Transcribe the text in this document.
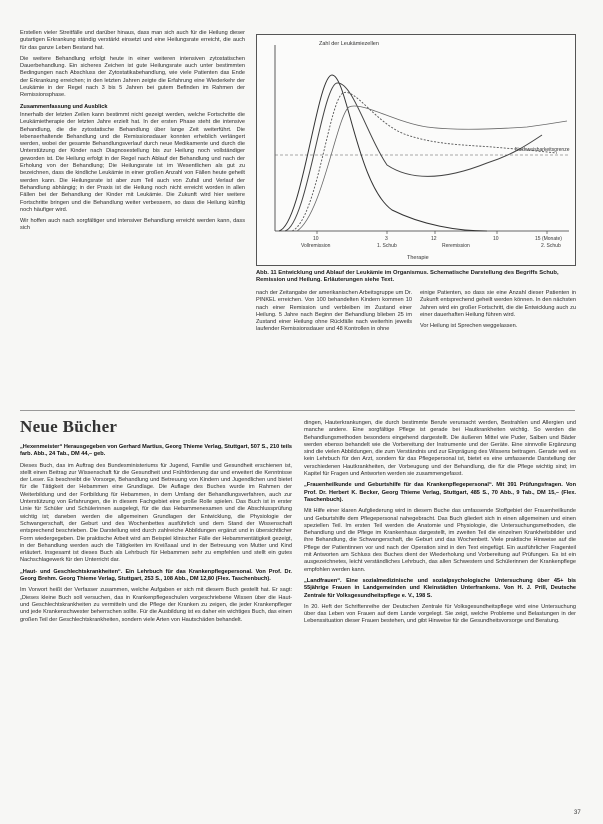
Erstellen vieler Streitfälle und darüber hinaus, dass man sich auch für die Heilung dieser gutartigen Erkrankung ständig verstärkt einsetzt und eine Heilungsrate erreicht, die auch für das ganze Leben Bestand hat.

Die weitere Behandlung erfolgt heute in einer weiteren intensiven zytostatischen Dauerbehandlung. Ein sicheres Zeichen ist gute Heilungsrate auch unter bestimmten Bedingungen nach Abschluss der Zytostatikabehandlung, wie viele Patienten das Ende der Erkrankung erreichen; in den letzten Jahren zeigte die Erfahrung eine Wiederkehr der Leukämie in der Regel nach 3 bis 5 Jahren bei gutem Befinden im Rahmen der Remissionsphase.

Zusammenfassung und Ausblick

Innerhalb der letzten Zeilen kann bestimmt nicht gezeigt werden, welche Fortschritte die Leukämietherapie der letzten Jahre erzielt hat. In der ersten Phase steht die intensive Behandlung, die die zytostatische Behandlung über lange Zeit weiterführt. Die lebenserhaltende Behandlung und die Remissionsdauer konnten erheblich verlängert werden, wobei der gesamte Behandlungsverlauf durch neue Medikamente und durch die Unterstützung der Kinder nach Diagnosestellung bis zur Heilung noch vollständiger geworden ist. Die Heilung erfolgt in der Regel nach Ablauf der Behandlung und nach der Erholung von der Behandlung; Die Heilungsrate ist im Wesentlichen als gut zu bezeichnen, dass die kindliche Leukämie in einer großen Anzahl von Fällen heute geheilt werden kann. Die Heilungsrate ist aber zum Teil auch von Zufall und Verlauf der Behandlung abhängig; in der Praxis ist die Heilung noch nicht erreicht worden in allen Fällen bei der Behandlung der Kinder mit Leukämie. Die Zukunft wird hier weitere Fortschritte bringen und die Behandlung weiter verbessern, so dass die Heilung künftig noch häufiger wird.

Wir hoffen auch nach sorgfältiger und intensiver Behandlung erreicht werden kann, dass sich

Zahl der Leukämiezellen
Nachweisbarkeitsgrenze
10	3	12	10	15 (Monate)
Vollremission	1. Schub	Reremission	2. Schub
Therapie
Abb. 11 Entwicklung und Ablauf der Leukämie im Organismus. Schematische Darstellung des Begriffs Schub, Remission und Heilung. Erläuterungen siehe Text.

nach der Zeitangabe der amerikanischen Arbeitsgruppe um Dr. PINKEL erreichen. Von 100 behandelten Kindern kommen 10 nach einer Remission und verbleiben im Zustand einer Heilung. 5 Jahre nach Beginn der Behandlung blieben 25 im Zustand einer Heilung ohne Rückfälle nach weiterhin jeweils laufender Remissionsdauer und 48 Kontrollen in ohne

einige Patienten, so dass sie eine Anzahl dieser Patienten in Zukunft entsprechend geheilt werden können. In den nächsten Jahren wird ein großer Fortschritt, die die Entwicklung auch zu einer dauerhaften Heilung führen wird.

Vor Heilung ist Sprechen weggelassen.

Neue Bücher

„Hexenmeister“ Herausgegeben von Gerhard Martius, Georg Thieme Verlag, Stuttgart, 507 S., 210 teils farb. Abb., 24 Tab., DM 44,– geb.

Dieses Buch, das im Auftrag des Bundesministeriums für Jugend, Familie und Gesundheit erschienen ist, stellt einen Beitrag zur Wissenschaft für die Gesundheit und Frühförderung dar und erweitert die Kenntnisse der Leser. Es beschreibt die Vorsorge, Behandlung und Betreuung von Kindern und Jugendlichen und bietet für die Tätigkeit der Hebammen eine Grundlage. Die Auflage des Buches wurde im Rahmen der Weiterbildung und der Fortbildung für Hebammen, in dem Umfang der Behandlungsverfahren, auch zur Unterstützung von Erfahrungen, die in diesem Fachgebiet eine große Rolle spielen. Das Buch ist in erster Linie für Schüler und Schülerinnen ausgelegt, für die das Hebammenexamen und die Abschlussprüfung wichtig ist; daneben werden die allgemeinen Grundlagen der Entwicklung, die Physiologie der Schwangerschaft, der Geburt und des Wochenbettes ausführlich und dem Stand der Wissenschaft entsprechend beschrieben. Die Darstellung wird durch zahlreiche Abbildungen ergänzt und in übersichtlicher Form wiedergegeben. Die praktische Arbeit wird am Beispiel klinischer Fälle der Hebammentätigkeit gezeigt, in der Behandlung werden auch die Tätigkeiten im Kreißsaal und in der Betreuung von Mutter und Kind erläutert. Insgesamt ist dieses Buch als Lehrbuch für Hebammen sehr zu empfehlen und stellt ein gutes Nachschlagewerk für den Unterricht dar.

„Haut- und Geschlechtskrankheiten“. Ein Lehrbuch für das Krankenpflegepersonal. Von Prof. Dr. Georg Brehm. Georg Thieme Verlag, Stuttgart, 253 S., 108 Abb., DM 12,80 (Flex. Taschenbuch).

Im Vorwort heißt der Verfasser zusammen, welche Aufgaben er sich mit diesem Buch gestellt hat. Er sagt: „Dieses kleine Buch soll versuchen, das in Krankenpflegeschulen vorgeschriebene Wissen über die Haut- und Geschlechtskrankheiten zu vermitteln und die Pflege der Kranken zu zeigen, die jeder Krankenpfleger und jede Krankenschwester beherrschen sollte. Für die Ausbildung ist es daher ein wichtiges Buch, das einen großen Teil der Geschlechtskrankheiten, sondern viele Arten von Hautschäden behandelt.

dingen, Hauterkrankungen, die durch bestimmte Berufe verursacht werden, Bestrahlen und Allergien und manche andere. Eine sorgfältige Pflege ist gerade bei Hautkrankheiten wichtig. So werden die Behandlungsmethoden besonders eingehend dargestellt. Die äußeren Mittel wie Puder, Salben und Bäder werden ebenso behandelt wie die Vorbereitung der Instrumente und der Geräte. Eine sinnvolle Ergänzung sind die vielen Abbildungen, die zum Verständnis und zur Einprägung des Wissens beitragen. Gerade weil es kein Lehrbuch für den Arzt, sondern für das Pflegepersonal ist, bietet es eine umfassende Darstellung der verschiedenen Hautkrankheiten, der Vorbeugung und der Behandlung, die für die Pflege wichtig sind; im Kapitel für Fragen und Antworten werden sie zusammengefasst.

„Frauenheilkunde und Geburtshilfe für das Krankenpflegepersonal“. Mit 391 Prüfungsfragen. Von Prof. Dr. Herbert K. Becker, Georg Thieme Verlag, Stuttgart, 485 S., 70 Abb., 9 Tab., DM 15,– (Flex. Taschenbuch).

Mit Hilfe einer klaren Aufgliederung wird in diesem Buche das umfassende Stoffgebiet der Frauenheilkunde und Geburtshilfe dem Pflegepersonal nahegebracht. Das Buch gliedert sich in einen allgemeinen und einen speziellen Teil. Im ersten Teil werden die Anatomie und Physiologie, die Untersuchungsmethoden, die Behandlung und die Pflege im Krankenhaus dargestellt, im zweiten Teil die einzelnen Krankheitsbilder und ihre Behandlung, die Schwangerschaft, die Geburt und das Wochenbett. Viele praktische Hinweise auf die Pflege der Patientinnen vor und nach der Operation sind in den Text eingefügt. Ein ausführlicher Fragenteil mit Antworten am Schluss des Buches dient der Wiederholung und Vorbereitung auf Prüfungen. Es ist ein ausgezeichnetes, leicht verständliches Lehrbuch, das allen Schwestern und Schülerinnen der Krankenpflege empfohlen werden kann.

„Landfrauen“. Eine sozialmedizinische und sozialpsychologische Untersuchung über 45+ bis 55jährige Frauen in Landgemeinden und Kleinstädten Unterfrankens. Von H. J. Prill, Deutsche Zentrale für Volksgesundheitspflege e. V., 198 S.

In 20. Heft der Schriftenreihe der Deutschen Zentrale für Volksgesundheitspflege wird eine Untersuchung über das Leben von Frauen auf dem Lande vorgelegt. Sie zeigt, welche Probleme und Belastungen in der Lebenssituation dieser Frauen bestehen, und gibt Hinweise für die Gesundheitsvorsorge und Beratung.

37
